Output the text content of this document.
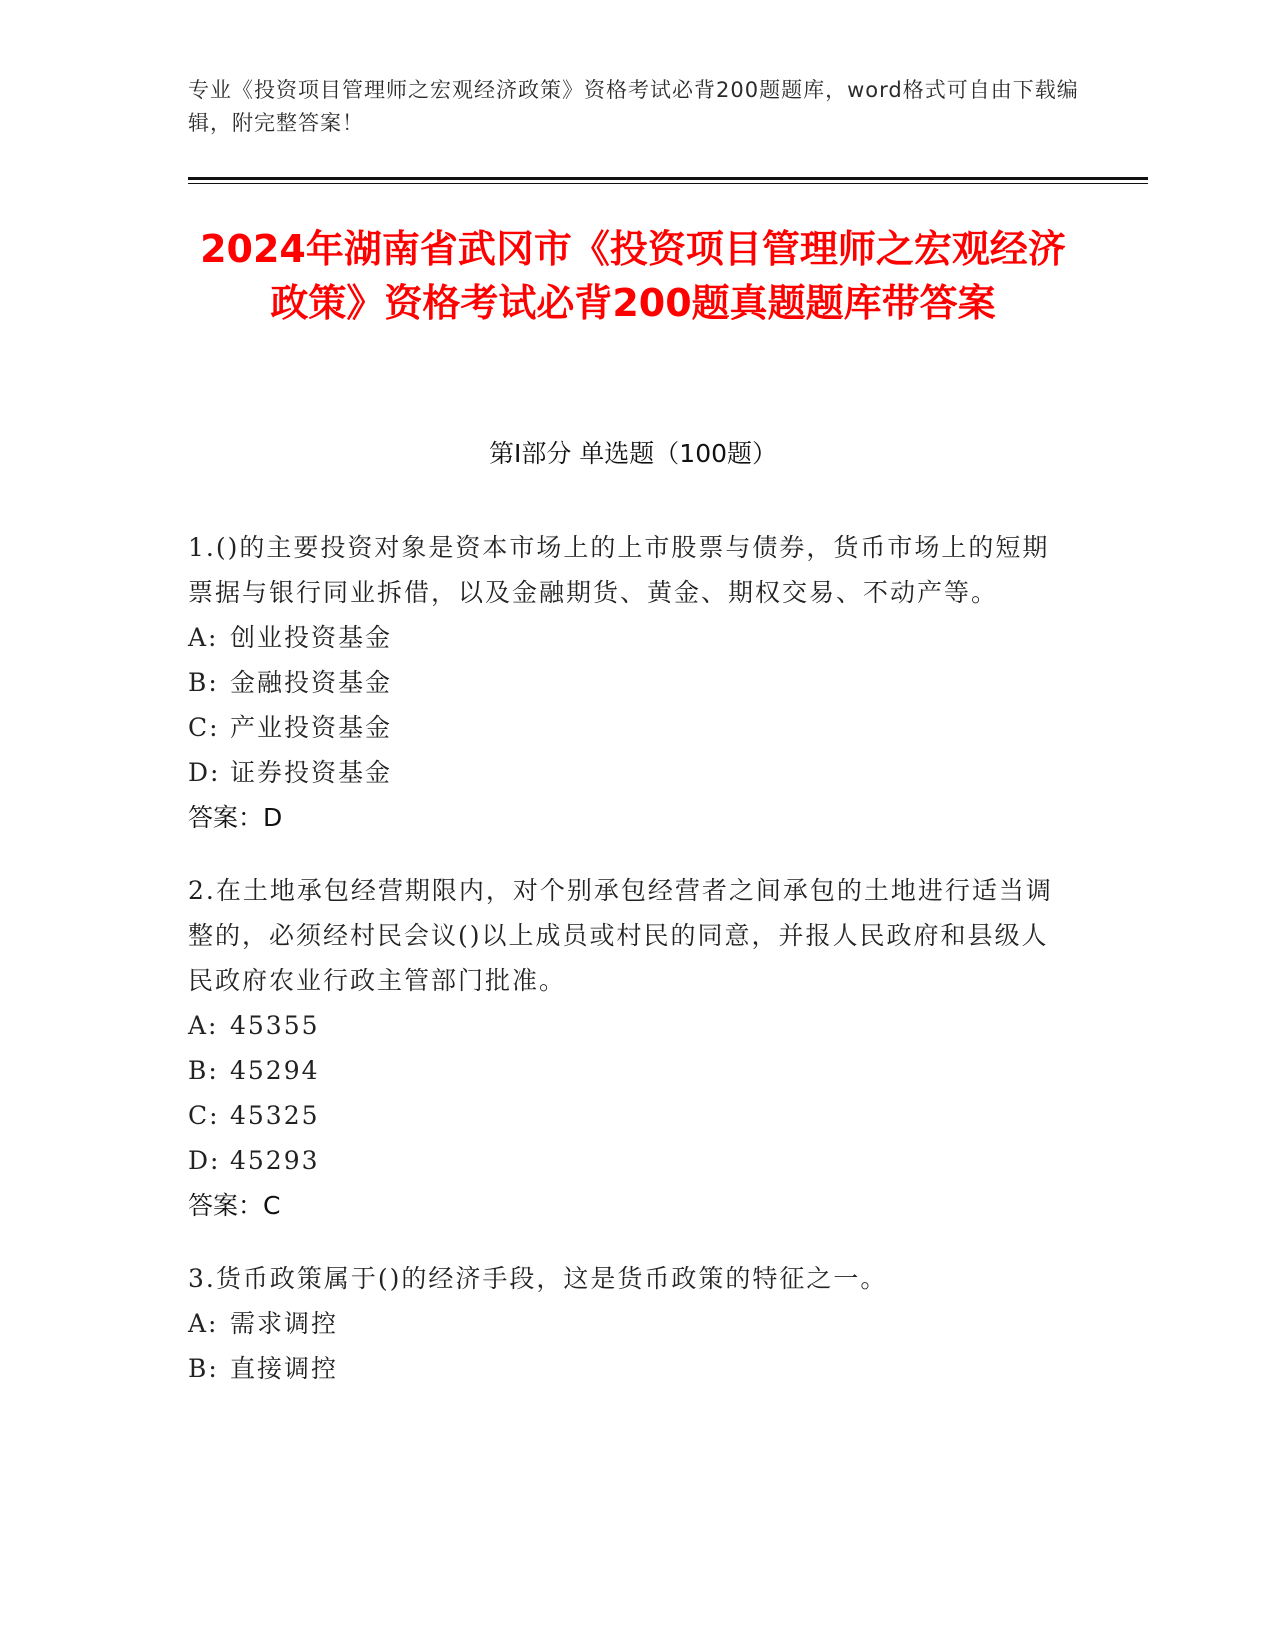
专业《投资项目管理师之宏观经济政策》资格考试必背200题题库，word格式可自由下载编辑，附完整答案！
2024年湖南省武冈市《投资项目管理师之宏观经济政策》资格考试必背200题真题题库带答案
第Ⅰ部分 单选题（100题）

1.()的主要投资对象是资本市场上的上市股票与债券，货币市场上的短期票据与银行同业拆借，以及金融期货、黄金、期权交易、不动产等。

A: 创业投资基金

B: 金融投资基金

C: 产业投资基金

D: 证券投资基金

答案：D

2.在土地承包经营期限内，对个别承包经营者之间承包的土地进行适当调整的，必须经村民会议()以上成员或村民的同意，并报人民政府和县级人民政府农业行政主管部门批准。

A: 45355

B: 45294

C: 45325

D: 45293

答案：C

3.货币政策属于()的经济手段，这是货币政策的特征之一。

A: 需求调控

B: 直接调控
